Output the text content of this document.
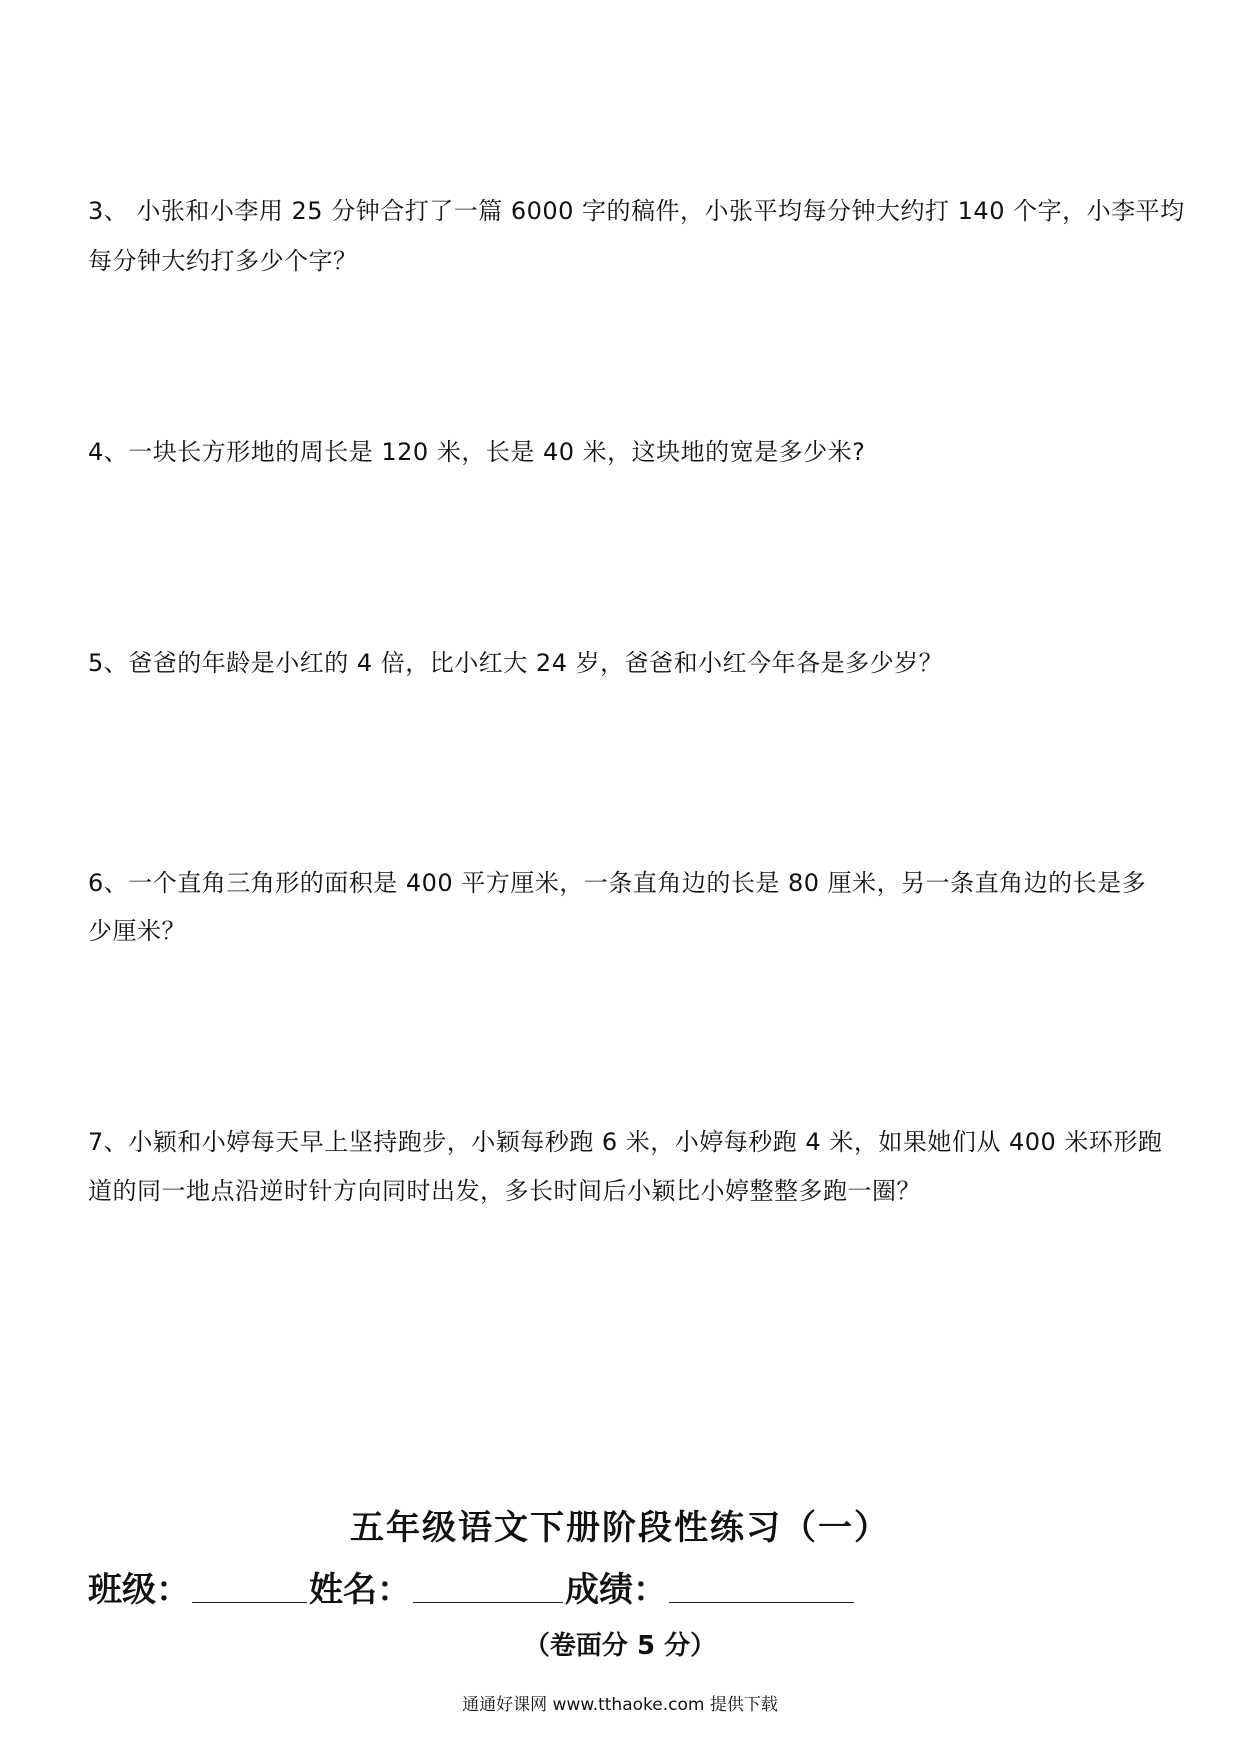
3、 小张和小李用 25 分钟合打了一篇 6000 字的稿件，小张平均每分钟大约打 140 个字，小李平均
每分钟大约打多少个字？
4、一块长方形地的周长是 120 米，长是 40 米，这块地的宽是多少米?
5、爸爸的年龄是小红的 4 倍，比小红大 24 岁，爸爸和小红今年各是多少岁？
6、一个直角三角形的面积是 400 平方厘米，一条直角边的长是 80 厘米，另一条直角边的长是多
少厘米？
7、小颖和小婷每天早上坚持跑步，小颖每秒跑 6 米，小婷每秒跑 4 米，如果她们从 400 米环形跑
道的同一地点沿逆时针方向同时出发，多长时间后小颖比小婷整整多跑一圈？
五年级语文下册阶段性练习（一）
班级：	姓名：	成绩：
（卷面分 5 分）
通通好课网 www.tthaoke.com 提供下载
